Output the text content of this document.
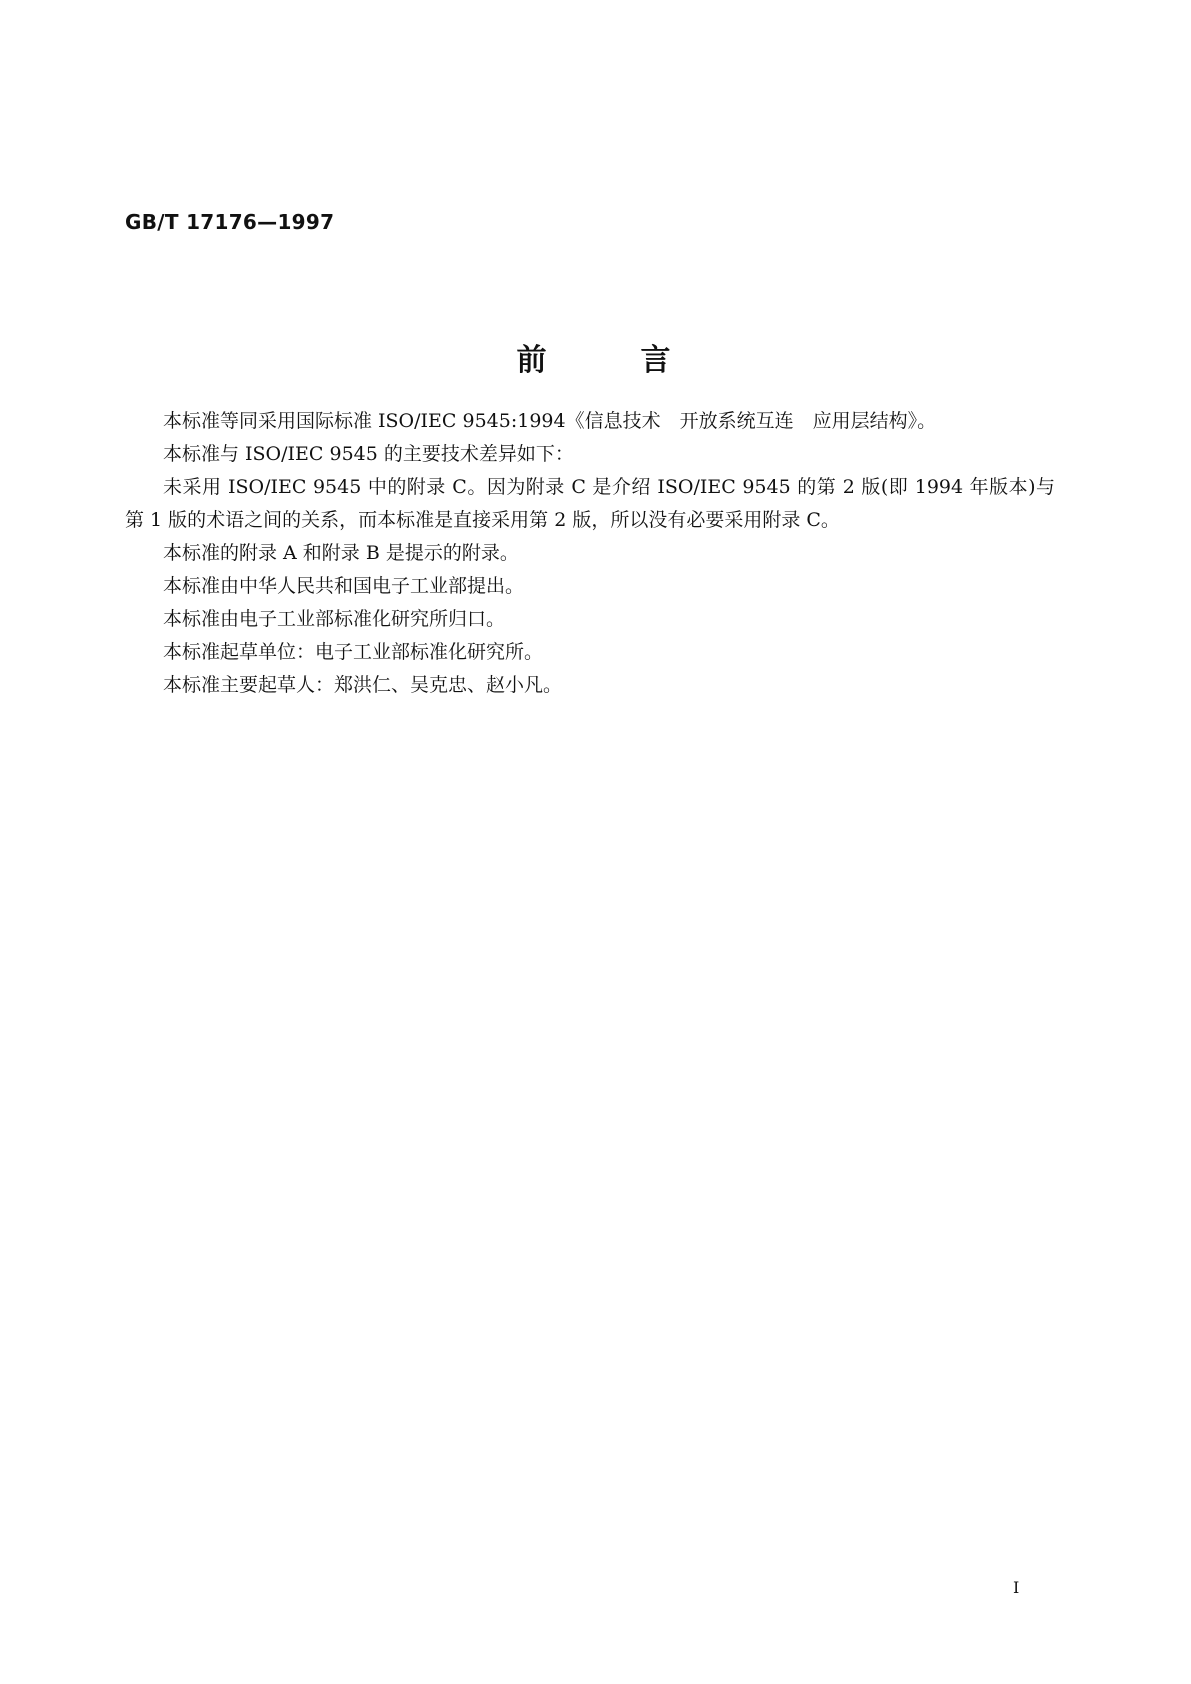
GB/T 17176—1997
前	言

本标准等同采用国际标准 ISO/IEC 9545:1994《信息技术　开放系统互连　应用层结构》。

本标准与 ISO/IEC 9545 的主要技术差异如下：

未采用 ISO/IEC 9545 中的附录 C。因为附录 C 是介绍 ISO/IEC 9545 的第 2 版(即 1994 年版本)与第 1 版的术语之间的关系，而本标准是直接采用第 2 版，所以没有必要采用附录 C。

本标准的附录 A 和附录 B 是提示的附录。

本标准由中华人民共和国电子工业部提出。

本标准由电子工业部标准化研究所归口。

本标准起草单位：电子工业部标准化研究所。

本标准主要起草人：郑洪仁、吴克忠、赵小凡。

I
